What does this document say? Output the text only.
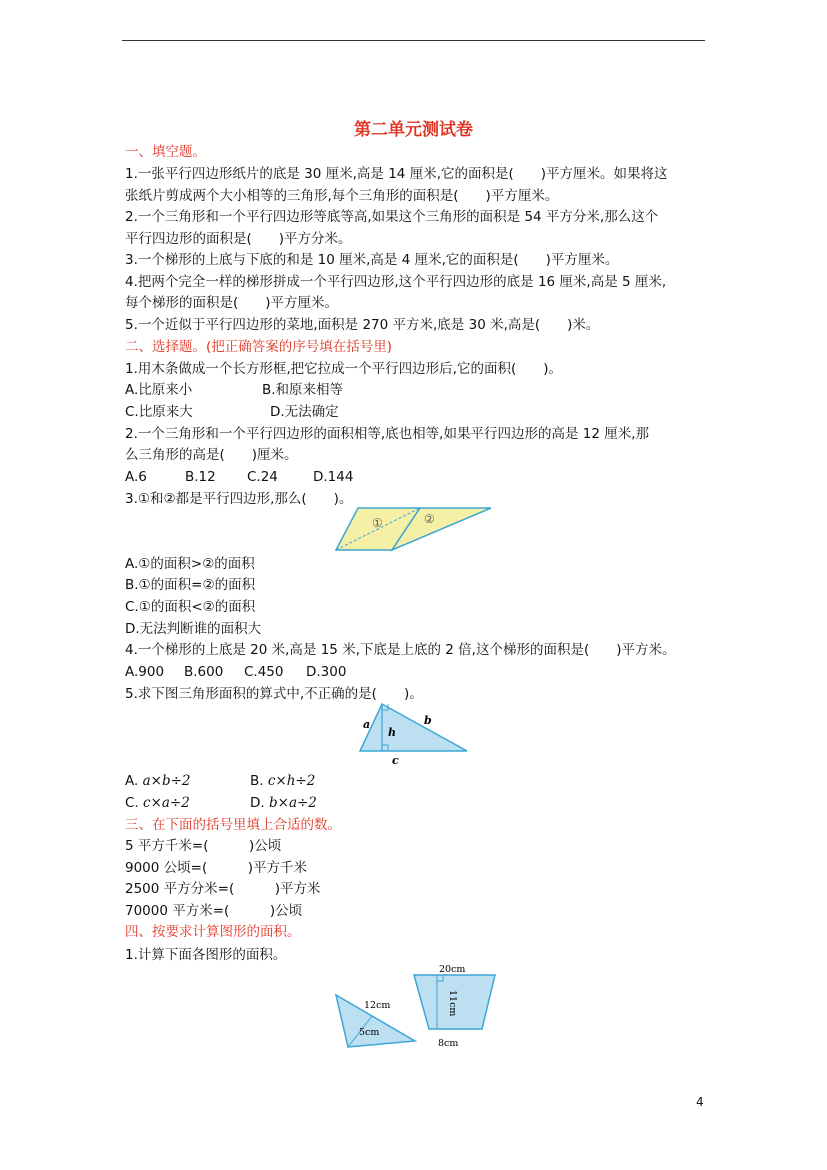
第二单元测试卷
一、填空题。
1.一张平行四边形纸片的底是 30 厘米,高是 14 厘米,它的面积是(　　)平方厘米。如果将这
张纸片剪成两个大小相等的三角形,每个三角形的面积是(　　)平方厘米。
2.一个三角形和一个平行四边形等底等高,如果这个三角形的面积是 54 平方分米,那么这个
平行四边形的面积是(　　)平方分米。
3.一个梯形的上底与下底的和是 10 厘米,高是 4 厘米,它的面积是(　　)平方厘米。
4.把两个完全一样的梯形拼成一个平行四边形,这个平行四边形的底是 16 厘米,高是 5 厘米,
每个梯形的面积是(　　)平方厘米。
5.一个近似于平行四边形的菜地,面积是 270 平方米,底是 30 米,高是(　　)米。
二、选择题。(把正确答案的序号填在括号里)
1.用木条做成一个长方形框,把它拉成一个平行四边形后,它的面积(　　)。
A.比原来小	B.和原来相等
C.比原来大	D.无法确定
2.一个三角形和一个平行四边形的面积相等,底也相等,如果平行四边形的高是 12 厘米,那
么三角形的高是(　　)厘米。
A.6	B.12 C.24	D.144
3.①和②都是平行四边形,那么(　　)。
①	②
A.①的面积>②的面积
B.①的面积=②的面积
C.①的面积<②的面积
D.无法判断谁的面积大
4.一个梯形的上底是 20 米,高是 15 米,下底是上底的 2 倍,这个梯形的面积是(　　)平方米。
A.900 B.600 C.450 D.300
5.求下图三角形面积的算式中,不正确的是(　　)。
a	b
h
c
A. a×b÷2	B. c×h÷2
C. c×a÷2	D. b×a÷2
三、在下面的括号里填上合适的数。
5 平方千米=(　　　)公顷
9000 公顷=(　　　)平方千米
2500 平方分米=(　　　)平方米
70000 平方米=(　　　)公顷
四、按要求计算图形的面积。
1.计算下面各图形的面积。
12cm
5cm
20cm
11cm
8cm
4
